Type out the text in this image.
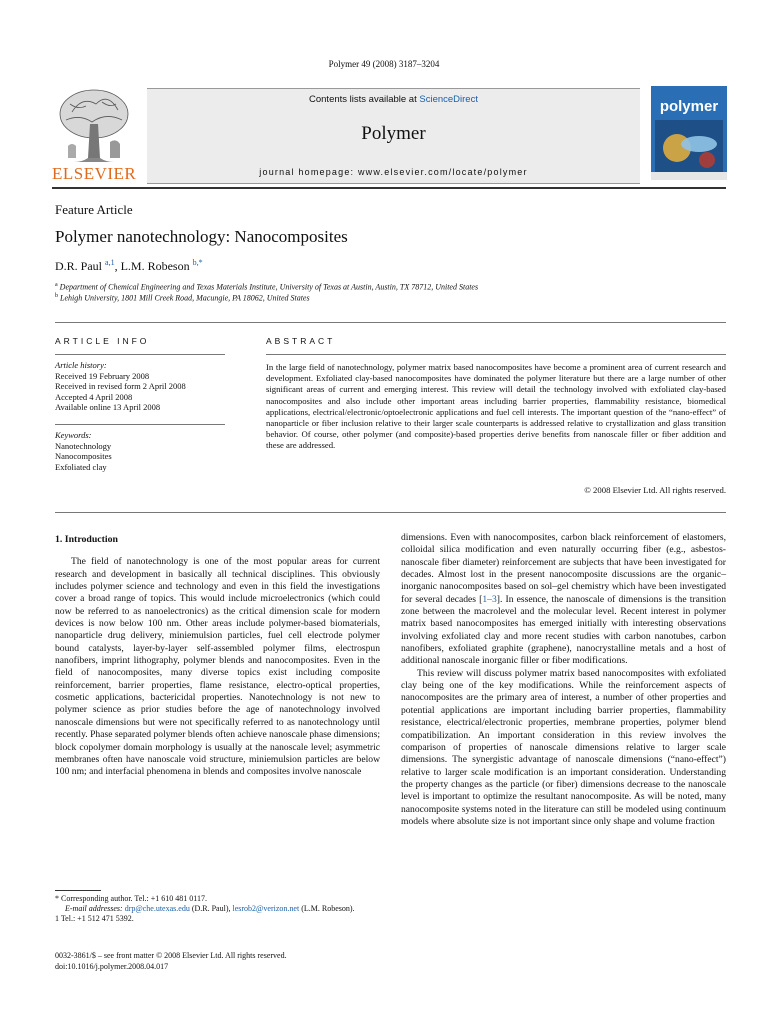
Polymer 49 (2008) 3187–3204
ELSEVIER
Contents lists available at ScienceDirect
Polymer
journal homepage: www.elsevier.com/locate/polymer
polymer
Feature Article
Polymer nanotechnology: Nanocomposites
D.R. Paul $^{a,1}$, L.M. Robeson $^{b,*}$
$^a$ Department of Chemical Engineering and Texas Materials Institute, University of Texas at Austin, Austin, TX 78712, United States
$^b$ Lehigh University, 1801 Mill Creek Road, Macungie, PA 18062, United States
ARTICLE INFO
Article history:
Received 19 February 2008
Received in revised form 2 April 2008
Accepted 4 April 2008
Available online 13 April 2008
Keywords:
Nanotechnology
Nanocomposites
Exfoliated clay
ABSTRACT
In the large field of nanotechnology, polymer matrix based nanocomposites have become a prominent area of current research and development. Exfoliated clay-based nanocomposites have dominated the polymer literature but there are a large number of other significant areas of current and emerging interest. This review will detail the technology involved with exfoliated clay-based nanocomposites and also include other important areas including barrier properties, flammability resistance, biomedical applications, electrical/electronic/optoelectronic applications and fuel cell interests. The important question of the “nano-effect” of nanoparticle or fiber inclusion relative to their larger scale counterparts is addressed relative to crystallization and glass transition behavior. Of course, other polymer (and composite)-based properties derive benefits from nanoscale filler or fiber addition and these are addressed.
© 2008 Elsevier Ltd. All rights reserved.
1. Introduction

The field of nanotechnology is one of the most popular areas for current research and development in basically all technical disciplines. This obviously includes polymer science and technology and even in this field the investigations cover a broad range of topics. This would include microelectronics (which could now be referred to as nanoelectronics) as the critical dimension scale for modern devices is now below 100 nm. Other areas include polymer-based biomaterials, nanoparticle drug delivery, miniemulsion particles, fuel cell electrode polymer bound catalysts, layer-by-layer self-assembled polymer films, electrospun nanofibers, imprint lithography, polymer blends and nanocomposites. Even in the field of nanocomposites, many diverse topics exist including composite reinforcement, barrier properties, flame resistance, electro-optical properties, cosmetic applications, bactericidal properties. Nanotechnology is not new to polymer science as prior studies before the age of nanotechnology involved nanoscale dimensions but were not specifically referred to as nanotechnology until recently. Phase separated polymer blends often achieve nanoscale phase dimensions; block copolymer domain morphology is usually at the nanoscale level; asymmetric membranes often have nanoscale void structure, miniemulsion particles are below 100 nm; and interfacial phenomena in blends and composites involve nanoscale

dimensions. Even with nanocomposites, carbon black reinforcement of elastomers, colloidal silica modification and even naturally occurring fiber (e.g., asbestos-nanoscale fiber diameter) reinforcement are subjects that have been investigated for decades. Almost lost in the present nanocomposite discussions are the organic–inorganic nanocomposites based on sol–gel chemistry which have been investigated for several decades [1–3]. In essence, the nanoscale of dimensions is the transition zone between the macrolevel and the molecular level. Recent interest in polymer matrix based nanocomposites has emerged initially with interesting observations involving exfoliated clay and more recent studies with carbon nanotubes, carbon nanofibers, exfoliated graphite (graphene), nanocrystalline metals and a host of additional nanoscale inorganic filler or fiber modifications.

This review will discuss polymer matrix based nanocomposites with exfoliated clay being one of the key modifications. While the reinforcement aspects of nanocomposites are the primary area of interest, a number of other properties and potential applications are important including barrier properties, flammability resistance, electrical/electronic properties, membrane properties, polymer blend compatibilization. An important consideration in this review involves the comparison of properties of nanoscale dimensions relative to larger scale dimensions. The synergistic advantage of nanoscale dimensions (“nano-effect”) relative to larger scale modification is an important consideration. Understanding the property changes as the particle (or fiber) dimensions decrease to the nanoscale level is important to optimize the resultant nanocomposite. As will be noted, many nanocomposite systems noted in the literature can still be modeled using continuum models where absolute size is not important since only shape and volume fraction

* Corresponding author. Tel.: +1 610 481 0117.
E-mail addresses: drp@che.utexas.edu (D.R. Paul), lesrob2@verizon.net (L.M. Robeson).
1 Tel.: +1 512 471 5392.
0032-3861/$ – see front matter © 2008 Elsevier Ltd. All rights reserved.
doi:10.1016/j.polymer.2008.04.017
